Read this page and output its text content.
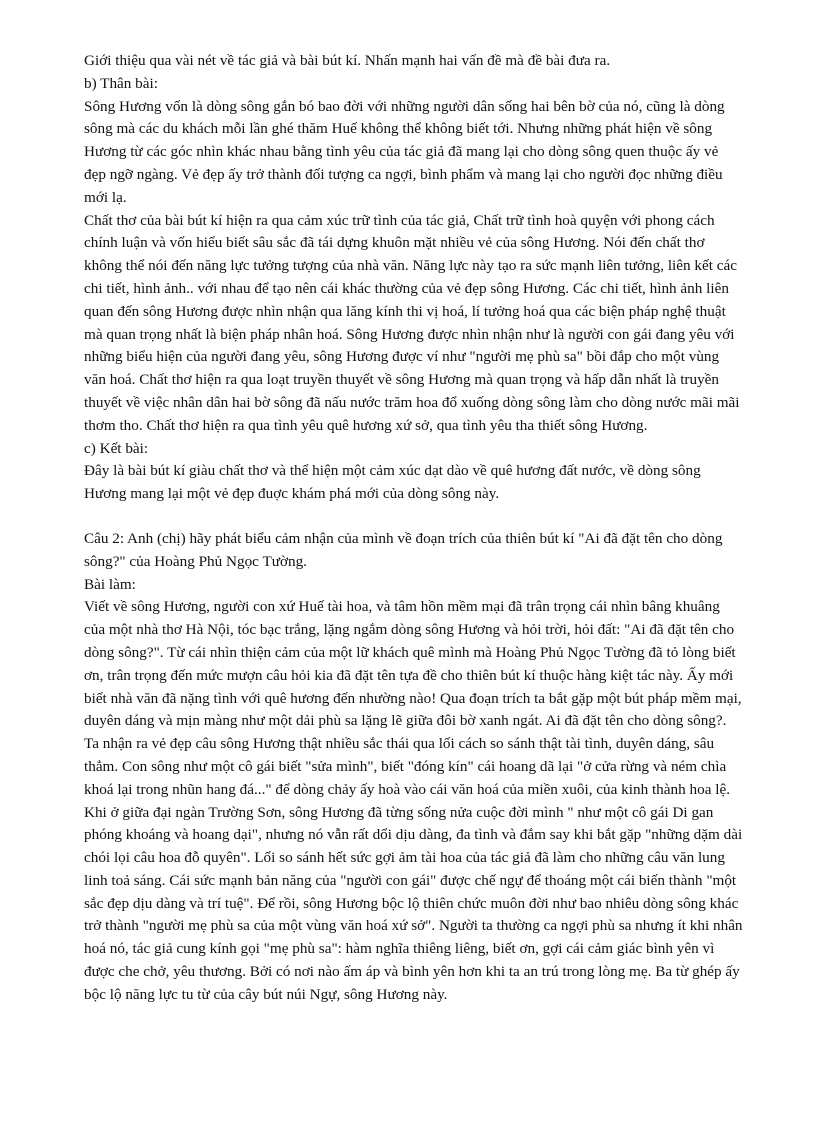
Giới thiệu qua vài nét về tác giả và bài bút kí. Nhấn mạnh hai vấn đề mà đề bài đưa ra.

b) Thân bài:

Sông Hương vốn là dòng sông gắn bó bao đời với những người dân sống hai bên bờ của nó, cũng là dòng sông mà các du khách mỗi lần ghé thăm Huế không thể không biết tới. Nhưng những phát hiện về sông Hương từ các góc nhìn khác nhau bằng tình yêu của tác giả đã mang lại cho dòng sông quen thuộc ấy vẻ đẹp ngỡ ngàng. Vẻ đẹp ấy trở thành đối tượng ca ngợi, bình phẩm và mang lại cho người đọc những điều mới lạ.

Chất thơ của bài bút kí hiện ra qua cảm xúc trữ tình của tác giả, Chất trữ tình hoà quyện với phong cách chính luận và vốn hiểu biết sâu sắc đã tái dựng khuôn mặt nhiều vẻ của sông Hương. Nói đến chất thơ không thể nói đến năng lực tưởng tượng của nhà văn. Năng lực này tạo ra sức mạnh liên tưởng, liên kết các chi tiết, hình ảnh.. với nhau để tạo nên cái khác thường của vẻ đẹp sông Hương. Các chi tiết, hình ảnh liên quan đến sông Hương được nhìn nhận qua lăng kính thi vị hoá, lí tưởng hoá qua các biện pháp nghệ thuật mà quan trọng nhất là biện pháp nhân hoá. Sông Hương được nhìn nhận như là người con gái đang yêu với những biểu hiện của người đang yêu, sông Hương được ví như "người mẹ phù sa" bồi đắp cho một vùng văn hoá. Chất thơ hiện ra qua loạt truyền thuyết về sông Hương mà quan trọng và hấp dẫn nhất là truyền thuyết về việc nhân dân hai bờ sông đã nấu nước trăm hoa đổ xuống dòng sông làm cho dòng nước mãi mãi thơm tho. Chất thơ hiện ra qua tình yêu quê hương xứ sở, qua tình yêu tha thiết sông Hương.

c) Kết bài:

Đây là bài bút kí giàu chất thơ và thể hiện một cảm xúc dạt dào về quê hương đất nước, về dòng sông Hương mang lại một vẻ đẹp đuợc khám phá mới của dòng sông này.

Câu 2: Anh (chị) hãy phát biểu cảm nhận của mình về đoạn trích của thiên bút kí "Ai đã đặt tên cho dòng sông?" của Hoàng Phủ Ngọc Tường.

Bài làm:

Viết về sông Hương, người con xứ Huế tài hoa, và tâm hồn mềm mại đã trân trọng cái nhìn bâng khuâng của một nhà thơ Hà Nội, tóc bạc trắng, lặng ngắm dòng sông Hương và hỏi trời, hỏi đất: "Ai đã đặt tên cho dòng sông?". Từ cái nhìn thiện cảm của một lữ khách quê mình mà Hoàng Phủ Ngọc Tường đã tỏ lòng biết ơn, trân trọng đến mức mượn câu hỏi kia đã đặt tên tựa đề cho thiên bút kí thuộc hàng kiệt tác này. Ấy mới biết nhà văn đã nặng tình với quê hương đến nhường nào! Qua đoạn trích ta bắt gặp một bút pháp mềm mại, duyên dáng và mịn màng như một dải phù sa lặng lẽ giữa đôi bờ xanh ngát. Ai đã đặt tên cho dòng sông?. Ta nhận ra vẻ đẹp câu sông Hương thật nhiều sắc thái qua lối cách so sánh thật tài tình, duyên dáng, sâu thẳm. Con sông như một cô gái biết "sửa mình", biết "đóng kín" cái hoang dã lại "ở cửa rừng và ném chìa khoá lại trong nhũn hang đá..." để dòng chảy ấy hoà vào cái văn hoá của miền xuôi, của kinh thành hoa lệ. Khi ở giữa đại ngàn Trường Sơn, sông Hương đã từng sống nửa cuộc đời mình " như một cô gái Di gan phóng khoáng và hoang dại", nhưng nó vẫn rất dổi dịu dàng, đa tình và đắm say khi bắt gặp "những dặm dài chói lọi câu hoa đỗ quyên". Lối so sánh hết sức gợi ảm tài hoa của tác giả đã làm cho những câu văn lung linh toả sáng. Cái sức mạnh bản năng của "người con gái" được chế ngự để thoáng một cái biến thành "một sắc đẹp dịu dàng và trí tuệ". Để rồi, sông Hương bộc lộ thiên chức muôn đời như bao nhiêu dòng sông khác trở thành "người mẹ phù sa của một vùng văn hoá xứ sở". Người ta thường ca ngợi phù sa nhưng ít khi nhân hoá nó, tác giả cung kính gọi "mẹ phù sa": hàm nghĩa thiêng liêng, biết ơn, gợi cái cảm giác bình yên vì được che chở, yêu thương. Bởi có nơi nào ấm áp và bình yên hơn khi ta an trú trong lòng mẹ. Ba từ ghép ấy bộc lộ năng lực tu từ của cây bút núi Ngự, sông Hương này.
